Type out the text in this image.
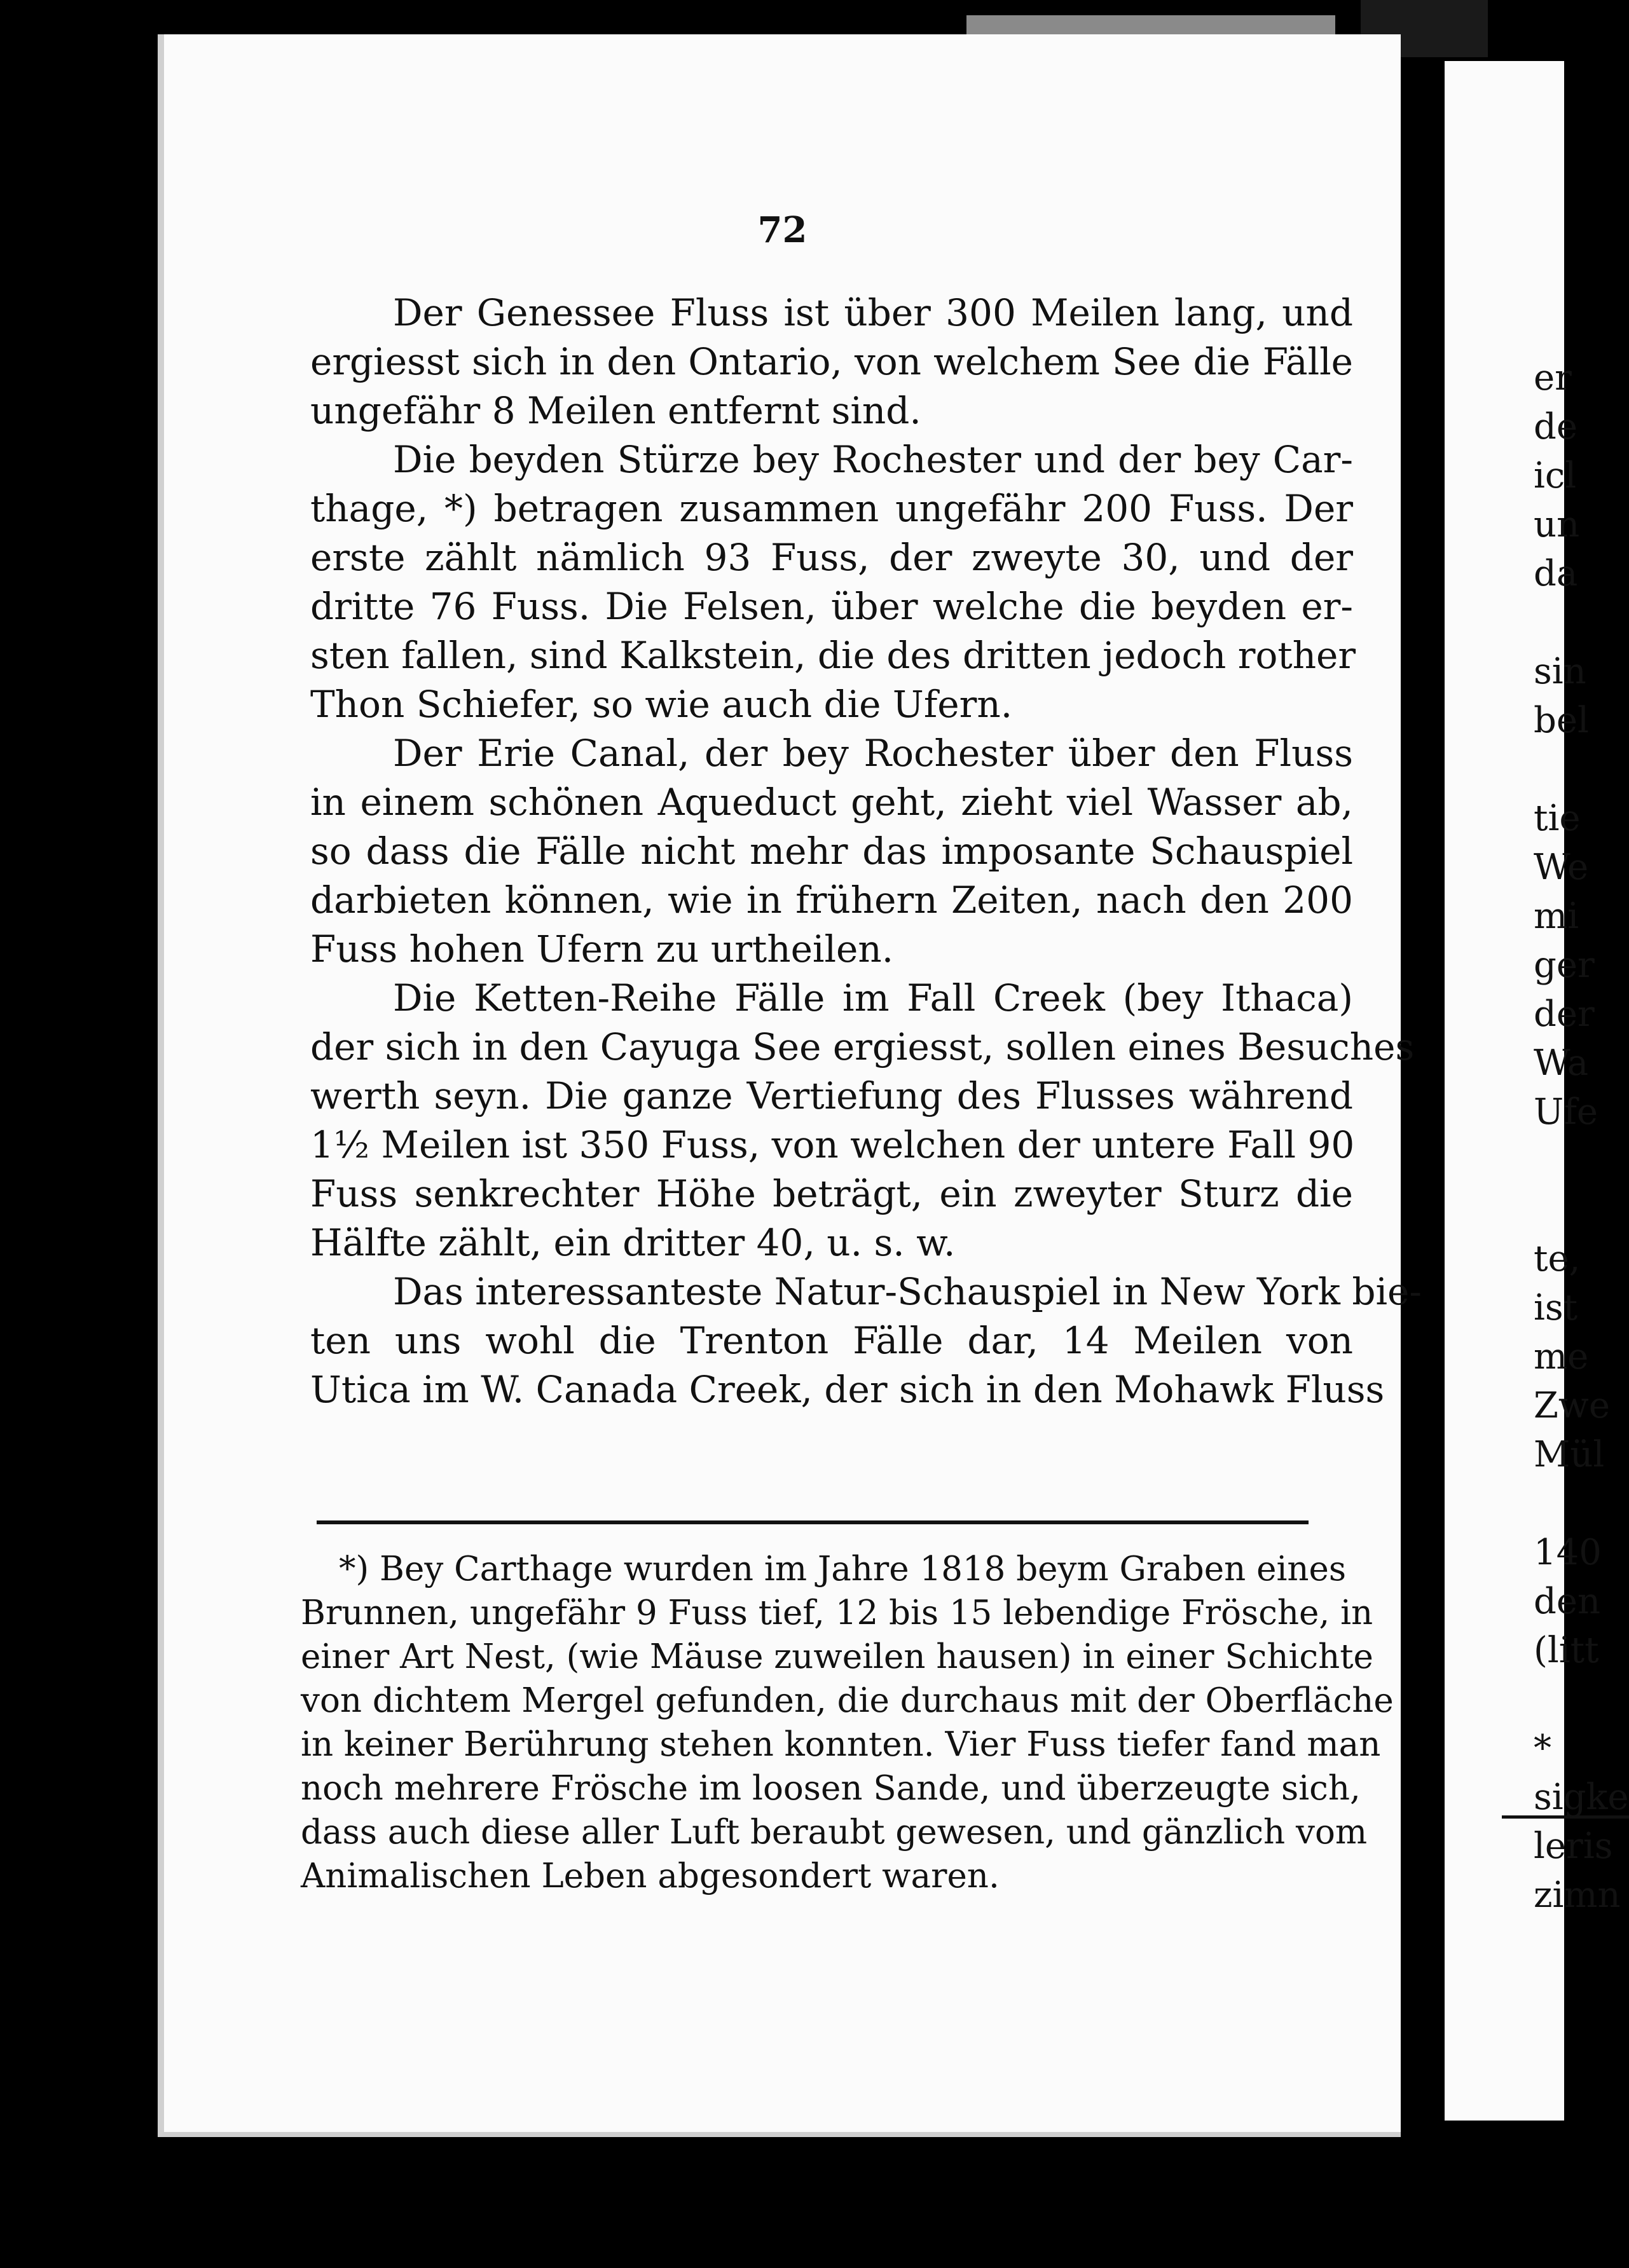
72
Der Genessee Fluss ist über 300 Meilen lang, und
ergiesst sich in den Ontario, von welchem See die Fälle
ungefähr 8 Meilen entfernt sind.
Die beyden Stürze bey Rochester und der bey Car-
thage, *) betragen zusammen ungefähr 200 Fuss. Der
erste zählt nämlich 93 Fuss, der zweyte 30, und der
dritte 76 Fuss. Die Felsen, über welche die beyden er-
sten fallen, sind Kalkstein, die des dritten jedoch rother
Thon Schiefer, so wie auch die Ufern.
Der Erie Canal, der bey Rochester über den Fluss
in einem schönen Aqueduct geht, zieht viel Wasser ab,
so dass die Fälle nicht mehr das imposante Schauspiel
darbieten können, wie in frühern Zeiten, nach den 200
Fuss hohen Ufern zu urtheilen.
Die Ketten-Reihe Fälle im Fall Creek (bey Ithaca)
der sich in den Cayuga See ergiesst, sollen eines Besuches
werth seyn. Die ganze Vertiefung des Flusses während
1½ Meilen ist 350 Fuss, von welchen der untere Fall 90
Fuss senkrechter Höhe beträgt, ein zweyter Sturz die
Hälfte zählt, ein dritter 40, u. s. w.
Das interessanteste Natur-Schauspiel in New York bie-
ten uns wohl die Trenton Fälle dar, 14 Meilen von
Utica im W. Canada Creek, der sich in den Mohawk Fluss
*) Bey Carthage wurden im Jahre 1818 beym Graben eines
Brunnen, ungefähr 9 Fuss tief, 12 bis 15 lebendige Frösche, in
einer Art Nest, (wie Mäuse zuweilen hausen) in einer Schichte
von dichtem Mergel gefunden, die durchaus mit der Oberfläche
in keiner Berührung stehen konnten. Vier Fuss tiefer fand man
noch mehrere Frösche im loosen Sande, und überzeugte sich,
dass auch diese aller Luft beraubt gewesen, und gänzlich vom
Animalischen Leben abgesondert waren.
er
de
icl
un
da

sin
bel

tie
We
mi
ger
der
Wa
Ufe

te,
ist
me
Zwe
Mül

140
den
(litt

*
sigke
leris
zimn
